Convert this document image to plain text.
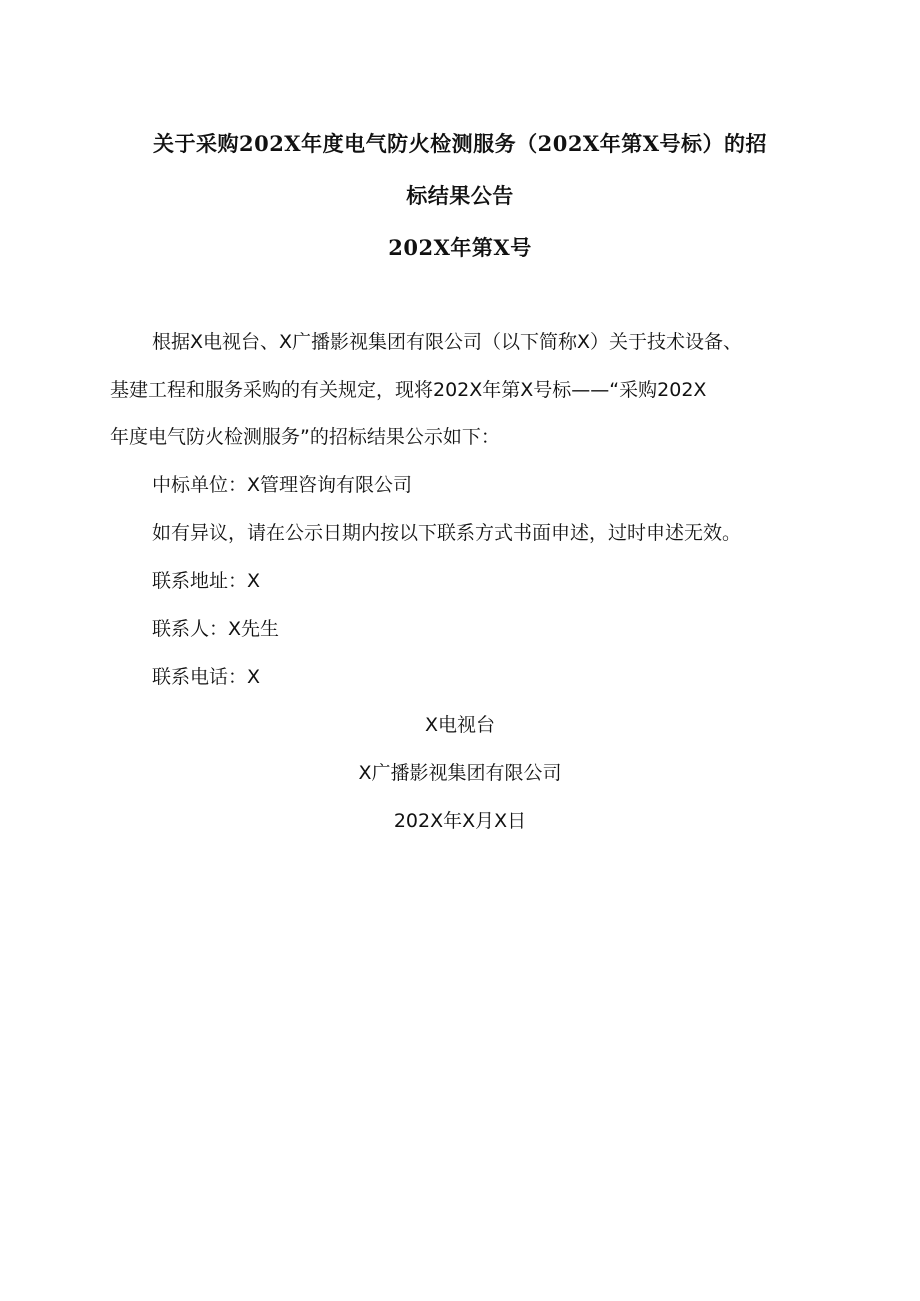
关于采购202X年度电气防火检测服务（202X年第X号标）的招
标结果公告
202X年第X号

根据X电视台、X广播影视集团有限公司（以下简称X）关于技术设备、

基建工程和服务采购的有关规定，现将202X年第X号标——“采购202X

年度电气防火检测服务”的招标结果公示如下：

中标单位：X管理咨询有限公司

如有异议，请在公示日期内按以下联系方式书面申述，过时申述无效。

联系地址：X

联系人：X先生

联系电话：X

X电视台

X广播影视集团有限公司

202X年X月X日
